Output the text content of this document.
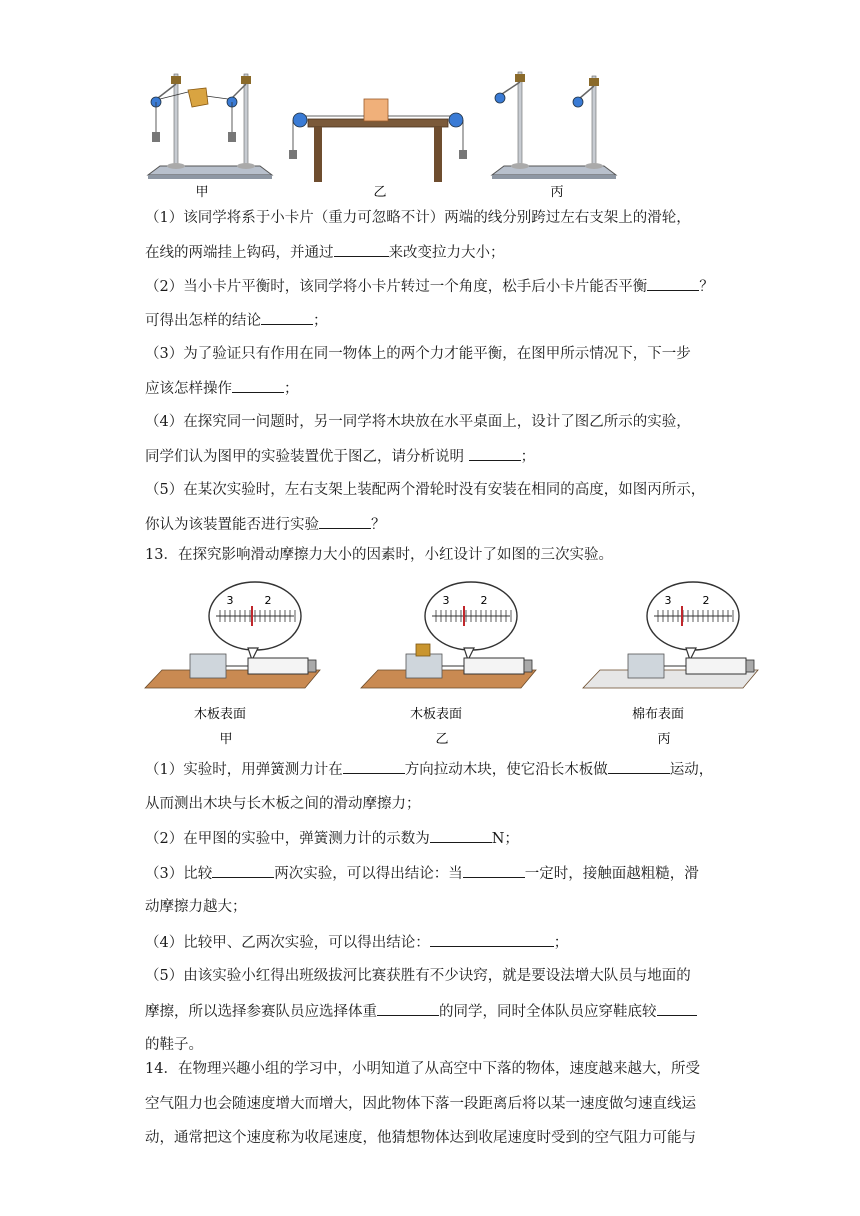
甲	乙	丙
（1）该同学将系于小卡片（重力可忽略不计）两端的线分别跨过左右支架上的滑轮，
在线的两端挂上钩码，并通过	来改变拉力大小；
（2）当小卡片平衡时，该同学将小卡片转过一个角度，松手后小卡片能否平衡	？
可得出怎样的结论	；
（3）为了验证只有作用在同一物体上的两个力才能平衡，在图甲所示情况下，下一步
应该怎样操作	；
（4）在探究同一问题时，另一同学将木块放在水平桌面上，设计了图乙所示的实验，
同学们认为图甲的实验装置优于图乙，请分析说明	；
（5）在某次实验时，左右支架上装配两个滑轮时没有安装在相同的高度，如图丙所示，
你认为该装置能否进行实验	？
13．在探究影响滑动摩擦力大小的因素时，小红设计了如图的三次实验。
3	2
木板表面
甲
3	2
木板表面
乙
3	2
棉布表面
丙
（1）实验时，用弹簧测力计在	方向拉动木块，使它沿长木板做	运动，
从而测出木块与长木板之间的滑动摩擦力；
（2）在甲图的实验中，弹簧测力计的示数为	N；
（3）比较	两次实验，可以得出结论：当	一定时，接触面越粗糙，滑
动摩擦力越大；
（4）比较甲、乙两次实验，可以得出结论：	；
（5）由该实验小红得出班级拔河比赛获胜有不少诀窍，就是要设法增大队员与地面的
摩擦，所以选择参赛队员应选择体重	的同学，同时全体队员应穿鞋底较
的鞋子。
14．在物理兴趣小组的学习中，小明知道了从高空中下落的物体，速度越来越大，所受
空气阻力也会随速度增大而增大，因此物体下落一段距离后将以某一速度做匀速直线运
动，通常把这个速度称为收尾速度，他猜想物体达到收尾速度时受到的空气阻力可能与
